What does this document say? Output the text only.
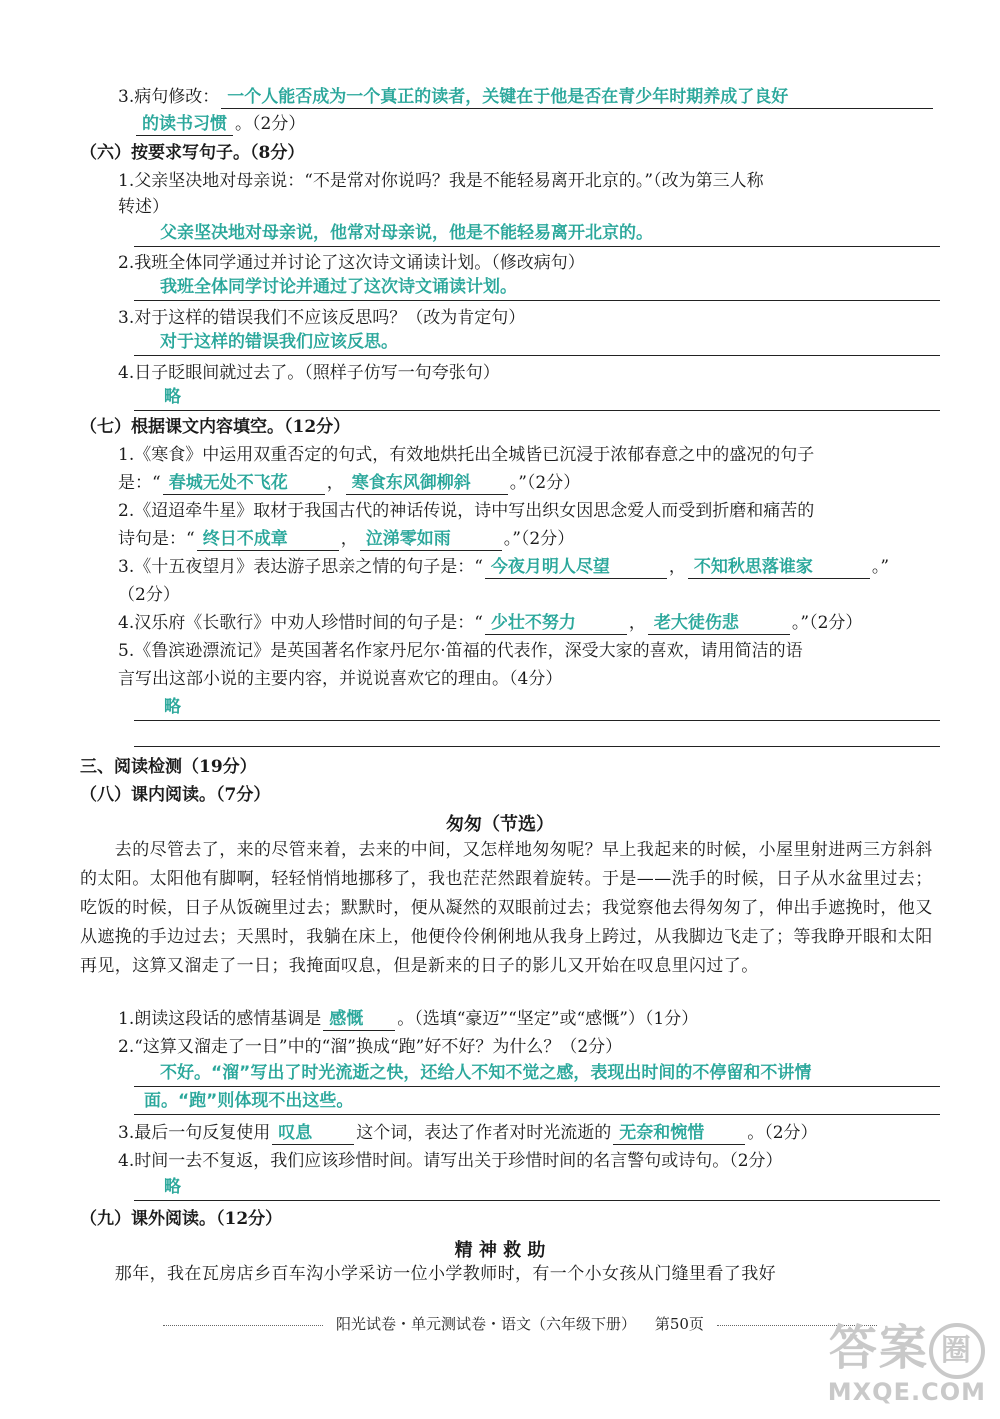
3.病句修改： 一个人能否成为一个真正的读者，关键在于他是否在青少年时期养成了良好
的读书习惯 。（2分）
（六）按要求写句子。（8分）
1.父亲坚决地对母亲说：“不是常对你说吗？我是不能轻易离开北京的。”（改为第三人称
转述）
父亲坚决地对母亲说，他常对母亲说，他是不能轻易离开北京的。
2.我班全体同学通过并讨论了这次诗文诵读计划。（修改病句）
我班全体同学讨论并通过了这次诗文诵读计划。
3.对于这样的错误我们不应该反思吗？（改为肯定句）
对于这样的错误我们应该反思。
4.日子眨眼间就过去了。（照样子仿写一句夸张句）
略
（七）根据课文内容填空。（12分）
1.《寒食》中运用双重否定的句式，有效地烘托出全城皆已沉浸于浓郁春意之中的盛况的句子
是：“ 春城无处不飞花 ， 寒食东风御柳斜 。”（2分）
2.《迢迢牵牛星》取材于我国古代的神话传说，诗中写出织女因思念爱人而受到折磨和痛苦的
诗句是：“ 终日不成章	， 泣涕零如雨	。”（2分）
3.《十五夜望月》表达游子思亲之情的句子是：“ 今夜月明人尽望	， 不知秋思落谁家	。”
（2分）
4.汉乐府《长歌行》中劝人珍惜时间的句子是：“ 少壮不努力	， 老大徒伤悲	。”（2分）
5.《鲁滨逊漂流记》是英国著名作家丹尼尔·笛福的代表作，深受大家的喜欢，请用简洁的语
言写出这部小说的主要内容，并说说喜欢它的理由。（4分）
略
三、阅读检测（19分）
（八）课内阅读。（7分）
匆匆（节选）
　　去的尽管去了，来的尽管来着，去来的中间，又怎样地匆匆呢？早上我起来的时候，小屋里射进两三方斜斜的太阳。太阳他有脚啊，轻轻悄悄地挪移了，我也茫茫然跟着旋转。于是——洗手的时候，日子从水盆里过去；吃饭的时候，日子从饭碗里过去；默默时，便从凝然的双眼前过去；我觉察他去得匆匆了，伸出手遮挽时，他又从遮挽的手边过去；天黑时，我躺在床上，他便伶伶俐俐地从我身上跨过，从我脚边飞走了；等我睁开眼和太阳再见，这算又溜走了一日；我掩面叹息，但是新来的日子的影儿又开始在叹息里闪过了。
1.朗读这段话的感情基调是 感慨 。（选填“豪迈”“坚定”或“感慨”）（1分）
2.“这算又溜走了一日”中的“溜”换成“跑”好不好？为什么？（2分）
不好。“溜”写出了时光流逝之快，还给人不知不觉之感，表现出时间的不停留和不讲情
面。“跑”则体现不出这些。
3.最后一句反复使用 叹息	这个词，表达了作者对时光流逝的 无奈和惋惜	。（2分）
4.时间一去不复返，我们应该珍惜时间。请写出关于珍惜时间的名言警句或诗句。（2分）
略
（九）课外阅读。（12分）
精 神 救 助
　　那年，我在瓦房店乡百车沟小学采访一位小学教师时，有一个小女孩从门缝里看了我好
阳光试卷・单元测试卷・语文（六年级下册） 第50页	答案 圈
MXQE.COM
